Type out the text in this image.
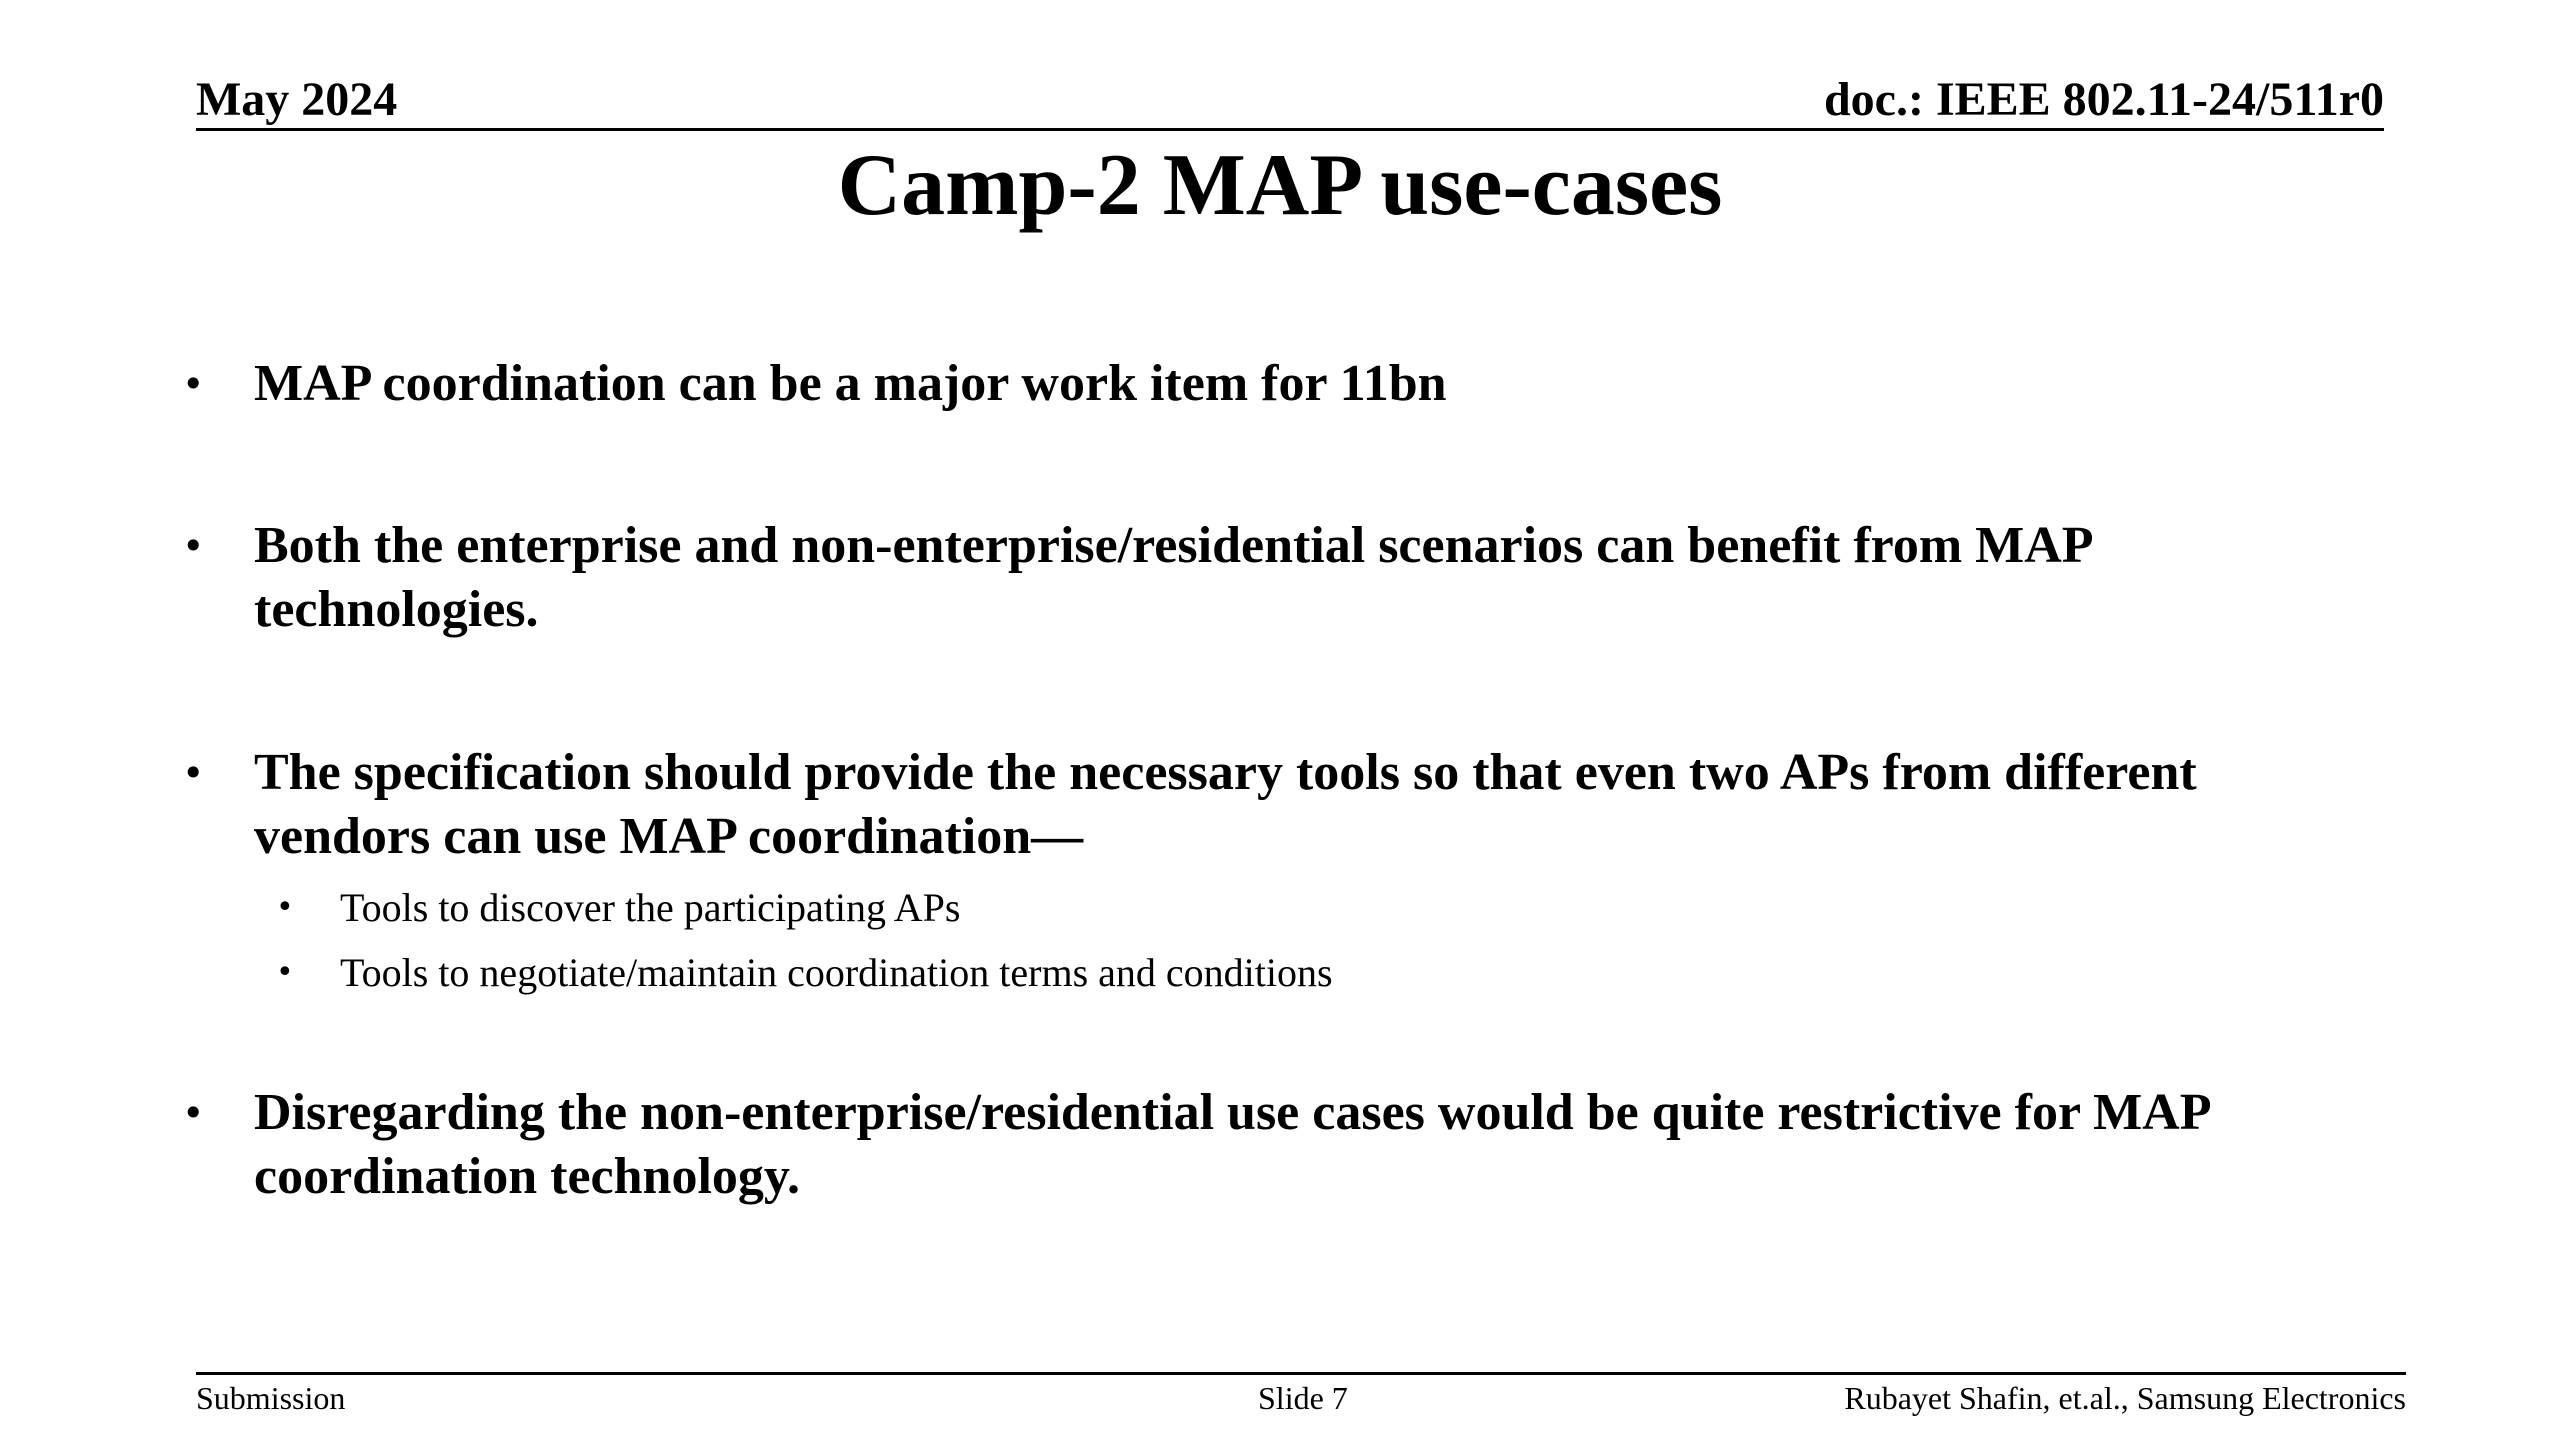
May 2024	doc.: IEEE 802.11-24/511r0
Camp-2 MAP use-cases
• MAP coordination can be a major work item for 11bn
• Both the enterprise and non-enterprise/residential scenarios can benefit from MAP technologies.
• The specification should provide the necessary tools so that even two APs from different vendors can use MAP coordination—
• Tools to discover the participating APs
• Tools to negotiate/maintain coordination terms and conditions
• Disregarding the non-enterprise/residential use cases would be quite restrictive for MAP coordination technology.
Submission	Slide 7	Rubayet Shafin, et.al., Samsung Electronics
